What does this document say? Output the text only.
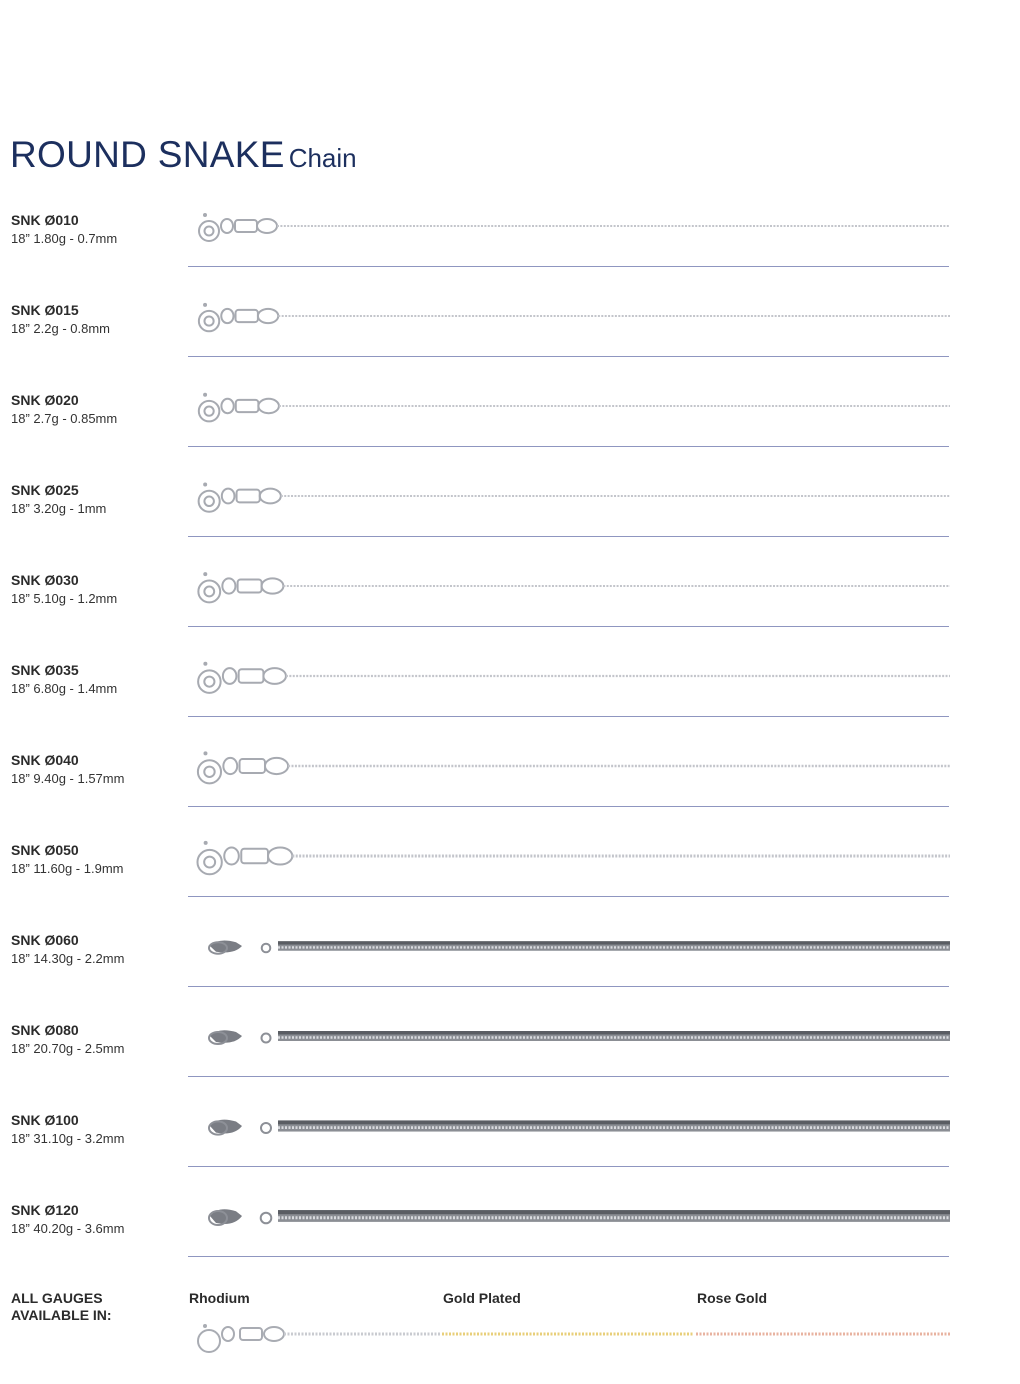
ROUND SNAKE Chain
SNK Ø010
18” 1.80g - 0.7mm
SNK Ø015
18” 2.2g - 0.8mm
SNK Ø020
18” 2.7g - 0.85mm
SNK Ø025
18” 3.20g - 1mm
SNK Ø030
18” 5.10g - 1.2mm
SNK Ø035
18” 6.80g - 1.4mm
SNK Ø040
18” 9.40g - 1.57mm
SNK Ø050
18” 11.60g - 1.9mm
SNK Ø060
18” 14.30g - 2.2mm
SNK Ø080
18” 20.70g - 2.5mm
SNK Ø100
18” 31.10g - 3.2mm
SNK Ø120
18” 40.20g - 3.6mm
ALL GAUGES
AVAILABLE IN:
Rhodium	Gold Plated	Rose Gold
